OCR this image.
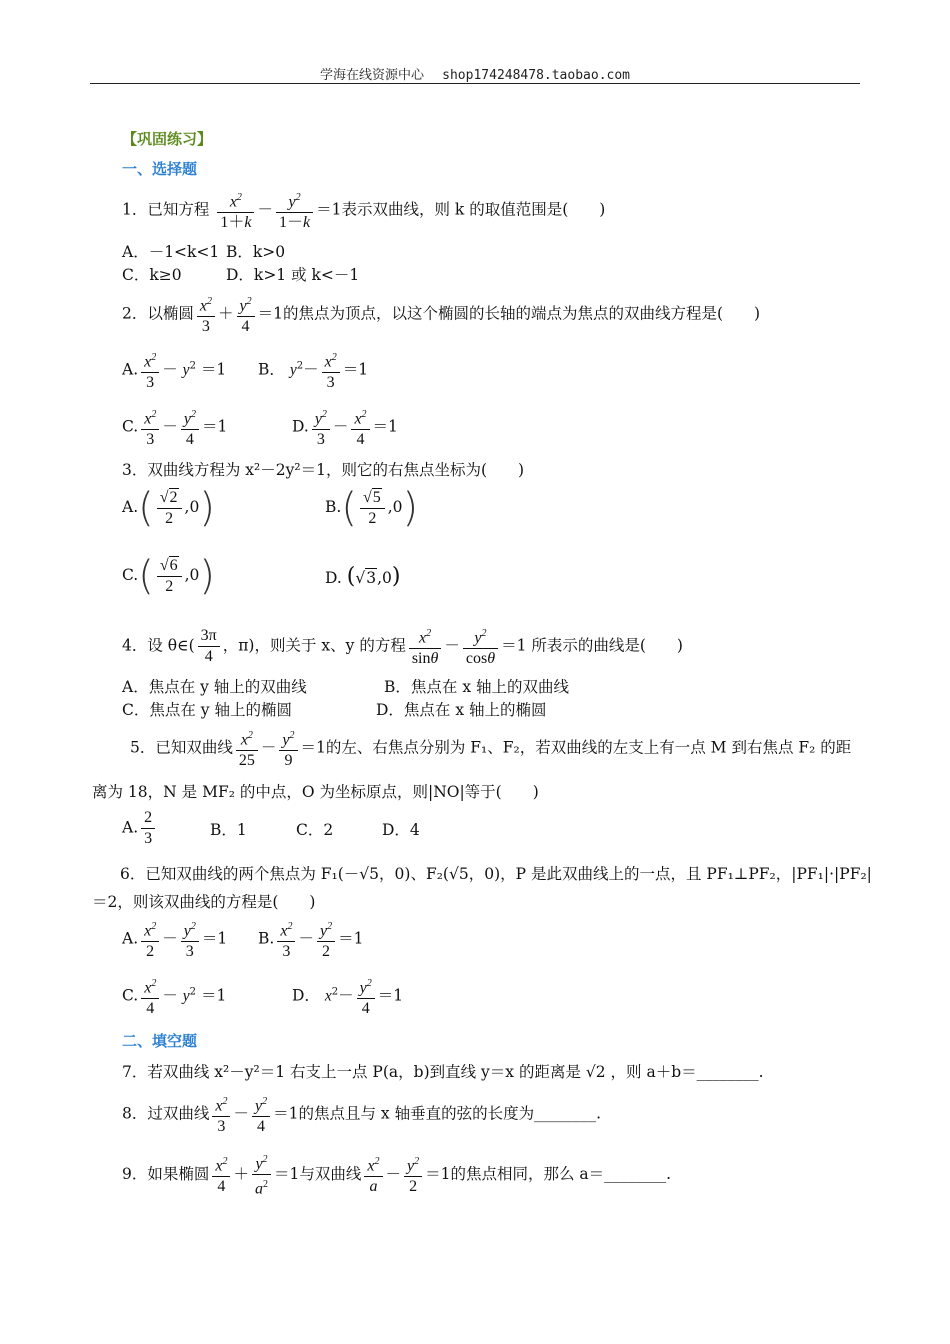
学海在线资源中心 shop174248478.taobao.com
【巩固练习】
一、选择题
1．已知方程 $\frac{x^2}{1+k} - \frac{y^2}{1-k} =1$表示双曲线，则 k 的取值范围是(　　)
A．－1<k<1 B．k>0
C．k≥0	D．k>1 或 k<－1
2．以椭圆 $\frac{x^2}{3} + \frac{y^2}{4} =1$的焦点为顶点，以这个椭圆的长轴的端点为焦点的双曲线方程是(　　)
A. $\frac{x^2}{3} - y^2 =1$ B． $y^2- \frac{x^2}{3} =1$
C. $\frac{x^2}{3} - \frac{y^2}{4} =1$	D. $\frac{y^2}{3} - \frac{x^2}{4} =1$
3．双曲线方程为 x²－2y²＝1，则它的右焦点坐标为(　　)
$A.( \frac{√2}{2} ,0)$	$B.( \frac{√5}{2} ,0)$
$C.( \frac{√6}{2} ,0)$	D. (√3,0)
4．设 θ∈( $\frac{3\pi}{4}$ ，π)，则关于 x、y 的方程 $\frac{x^2}{\sin\theta} - \frac{y^2}{\cos\theta} =1$ 所表示的曲线是(　　)
A．焦点在 y 轴上的双曲线	B．焦点在 x 轴上的双曲线
C．焦点在 y 轴上的椭圆	D．焦点在 x 轴上的椭圆
5．已知双曲线 $\frac{x^2}{25} - \frac{y^2}{9} =1$的左、右焦点分别为 F₁、F₂，若双曲线的左支上有一点 M 到右焦点 F₂ 的距
离为 18，N 是 MF₂ 的中点，O 为坐标原点，则|NO|等于(　　)
A. $\frac{2}{3}$	B．1	C．2	D．4
6．已知双曲线的两个焦点为 F₁(－√5，0)、F₂(√5，0)，P 是此双曲线上的一点，且 PF₁⊥PF₂，|PF₁|·|PF₂|
＝2，则该双曲线的方程是(　　)
A. $\frac{x^2}{2} - \frac{y^2}{3} =1$ B. $\frac{x^2}{3} - \frac{y^2}{2} =1$
C. $\frac{x^2}{4} - y^2 =1$	D． $x^2- \frac{y^2}{4} =1$
二、填空题
7．若双曲线 x²－y²＝1 右支上一点 P(a，b)到直线 y＝x 的距离是 √2 ，则 a＋b＝________.
8．过双曲线 $\frac{x^2}{3} - \frac{y^2}{4} =1$的焦点且与 x 轴垂直的弦的长度为________.
9．如果椭圆 $\frac{x^2}{4} + \frac{y^2}{a^2} =1$与双曲线 $\frac{x^2}{a} - \frac{y^2}{2} =1$的焦点相同，那么 a＝________.
